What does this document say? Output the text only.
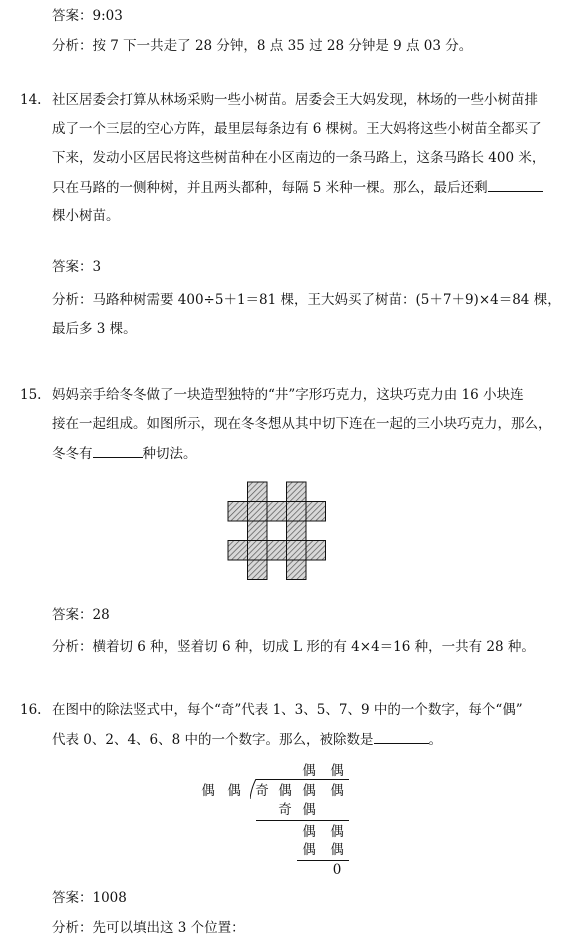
答案：9:03
分析：按 7 下一共走了 28 分钟，8 点 35 过 28 分钟是 9 点 03 分。
14. 社区居委会打算从林场采购一些小树苗。居委会王大妈发现，林场的一些小树苗排
成了一个三层的空心方阵，最里层每条边有 6 棵树。王大妈将这些小树苗全都买了
下来，发动小区居民将这些树苗种在小区南边的一条马路上，这条马路长 400 米，
只在马路的一侧种树，并且两头都种，每隔 5 米种一棵。那么，最后还剩
棵小树苗。
答案：3
分析：马路种树需要 400÷5＋1＝81 棵，王大妈买了树苗：(5＋7＋9)×4＝84 棵，
最后多 3 棵。
15. 妈妈亲手给冬冬做了一块造型独特的“井”字形巧克力，这块巧克力由 16 小块连
接在一起组成。如图所示，现在冬冬想从其中切下连在一起的三小块巧克力，那么，
冬冬有	种切法。
答案：28
分析：横着切 6 种，竖着切 6 种，切成 L 形的有 4×4＝16 种，一共有 28 种。
16. 在图中的除法竖式中，每个“奇”代表 1、3、5、7、9 中的一个数字，每个“偶”
代表 0、2、4、6、8 中的一个数字。那么，被除数是	。
偶	偶
偶 偶	奇 偶 偶	偶
奇 偶
偶	偶
偶	偶
0
答案：1008
分析：先可以填出这 3 个位置：
